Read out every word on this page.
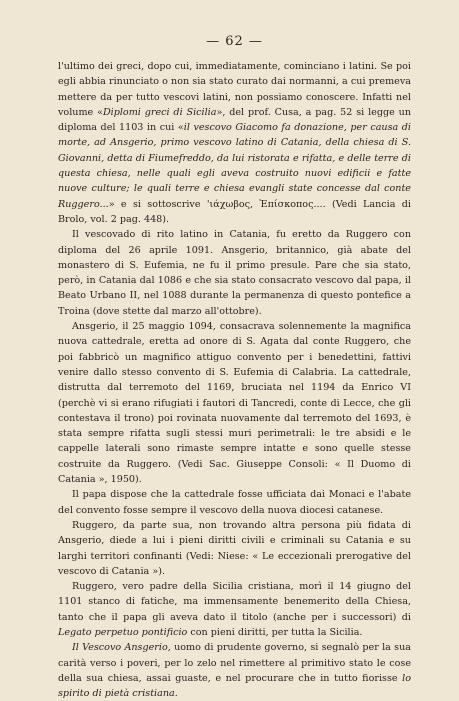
— 62 —

l'ultimo dei greci, dopo cui, immediatamente, cominciano i latini. Se poi egli abbia rinunciato o non sia stato curato dai normanni, a cui premeva mettere da per tutto vescovi latini, non possiamo conoscere. Infatti nel volume «Diplomi greci di Sicilia», del prof. Cusa, a pag. 52 si legge un diploma del 1103 in cui «il vescovo Giacomo fa donazione, per causa di morte, ad Ansgerio, primo vescovo latino di Catania, della chiesa di S. Giovanni, detta di Fiumefreddo, da lui ristorata e rifatta, e delle terre di questa chiesa, nelle quali egli aveva costruito nuovi edificii e fatte nuove culture; le quali terre e chiesa evangli state concesse dal conte Ruggero...» e si sottoscrive 'ιάχωβος, Ἐπίσκοπος.... (Vedi Lancia di Brolo, vol. 2 pag. 448).

Il vescovado di rito latino in Catania, fu eretto da Ruggero con diploma del 26 aprile 1091. Ansgerio, britannico, già abate del monastero di S. Eufemia, ne fu il primo presule. Pare che sia stato, però, in Catania dal 1086 e che sia stato consacrato vescovo dal papa, il Beato Urbano II, nel 1088 durante la permanenza di questo pontefice a Troina (dove stette dal marzo all'ottobre).

Ansgerio, il 25 maggio 1094, consacrava solennemente la magnifica nuova cattedrale, eretta ad onore di S. Agata dal conte Ruggero, che poi fabbricò un magnifico attiguo convento per i benedettini, fattivi venire dallo stesso convento di S. Eufemia di Calabria. La cattedrale, distrutta dal terremoto del 1169, bruciata nel 1194 da Enrico VI (perchè vi si erano rifugiati i fautori di Tancredi, conte di Lecce, che gli contestava il trono) poi rovinata nuovamente dal terremoto del 1693, è stata sempre rifatta sugli stessi muri perimetrali: le tre absidi e le cappelle laterali sono rimaste sempre intatte e sono quelle stesse costruite da Ruggero. (Vedi Sac. Giuseppe Consoli: « Il Duomo di Catania », 1950).

Il papa dispose che la cattedrale fosse ufficiata dai Monaci e l'abate del convento fosse sempre il vescovo della nuova diocesi catanese.

Ruggero, da parte sua, non trovando altra persona più fidata di Ansgerio, diede a lui i pieni diritti civili e criminali su Catania e su larghi territori confinanti (Vedi: Niese: « Le eccezionali prerogative del vescovo di Catania »).

Ruggero, vero padre della Sicilia cristiana, morì il 14 giugno del 1101 stanco di fatiche, ma immensamente benemerito della Chiesa, tanto che il papa gli aveva dato il titolo (anche per i successori) di Legato perpetuo pontificio con pieni diritti, per tutta la Sicilia.

Il Vescovo Ansgerio, uomo di prudente governo, si segnalò per la sua carità verso i poveri, per lo zelo nel rimettere al primitivo stato le cose della sua chiesa, assai guaste, e nel procurare che in tutto fiorisse lo spirito di pietà cristiana.
